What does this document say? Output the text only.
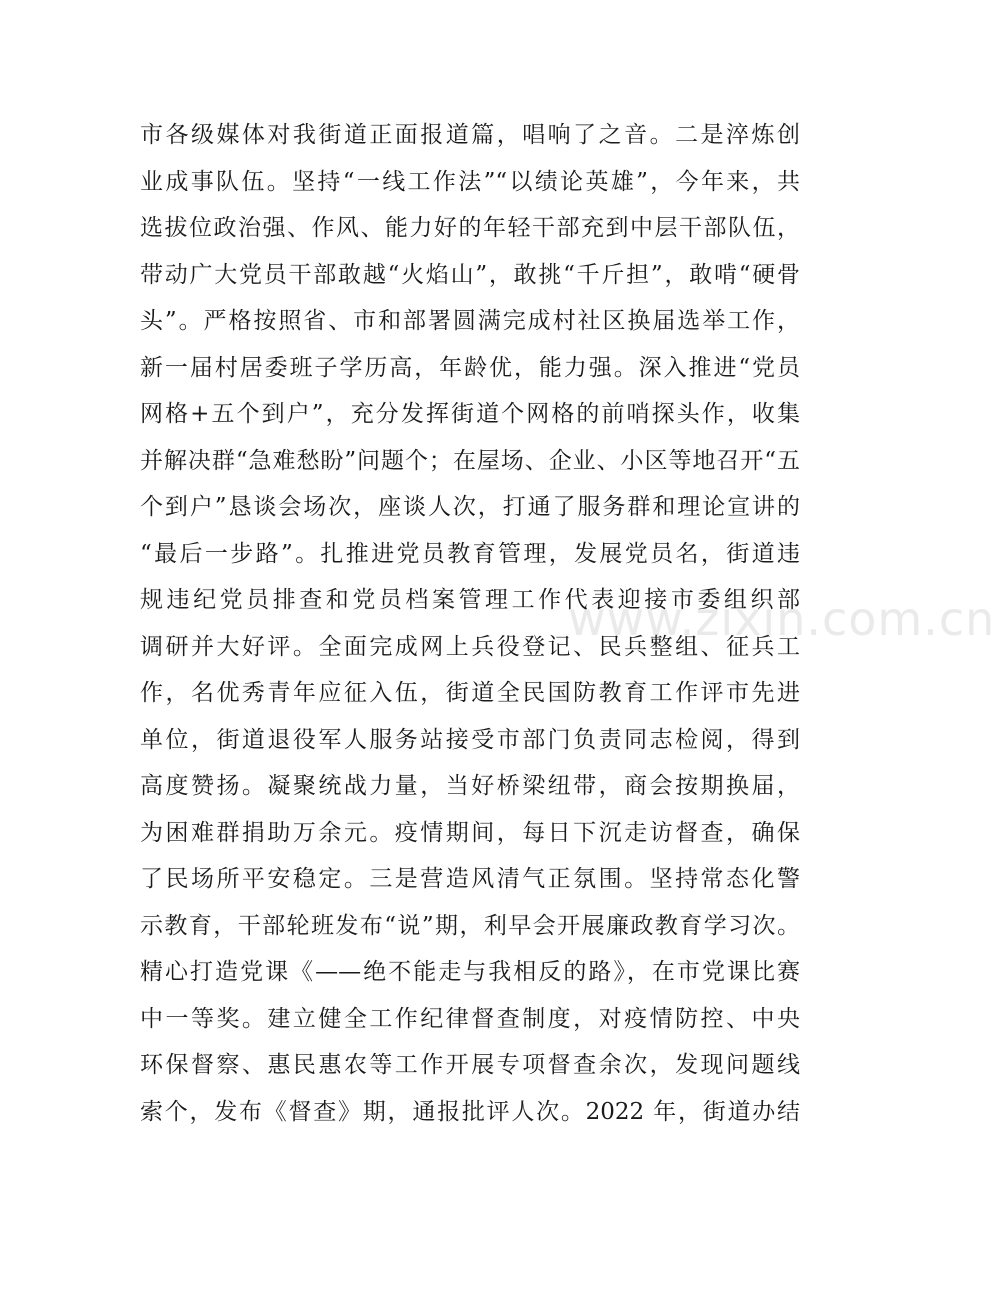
市各级媒体对我街道正面报道篇，唱响了之音。二是淬炼创
业成事队伍。坚持“一线工作法”“以绩论英雄”，今年来，共
选拔位政治强、作风、能力好的年轻干部充到中层干部队伍，
带动广大党员干部敢越“火焰山”，敢挑“千斤担”，敢啃“硬骨
头”。严格按照省、市和部署圆满完成村社区换届选举工作，
新一届村居委班子学历高，年龄优，能力强。深入推进“党员
网格+五个到户”，充分发挥街道个网格的前哨探头作，收集
并解决群“急难愁盼”问题个；在屋场、企业、小区等地召开“五
个到户”恳谈会场次，座谈人次，打通了服务群和理论宣讲的
“最后一步路”。扎推进党员教育管理，发展党员名，街道违
规违纪党员排查和党员档案管理工作代表迎接市委组织部
调研并大好评。全面完成网上兵役登记、民兵整组、征兵工
作，名优秀青年应征入伍，街道全民国防教育工作评市先进
单位，街道退役军人服务站接受市部门负责同志检阅，得到
高度赞扬。凝聚统战力量，当好桥梁纽带，商会按期换届，
为困难群捐助万余元。疫情期间，每日下沉走访督查，确保
了民场所平安稳定。三是营造风清气正氛围。坚持常态化警
示教育，干部轮班发布“说”期，利早会开展廉政教育学习次。
精心打造党课《——绝不能走与我相反的路》，在市党课比赛
中一等奖。建立健全工作纪律督查制度，对疫情防控、中央
环保督察、惠民惠农等工作开展专项督查余次，发现问题线
索个，发布《督查》期，通报批评人次。2022 年，街道办结
www.zixin.com.cn
